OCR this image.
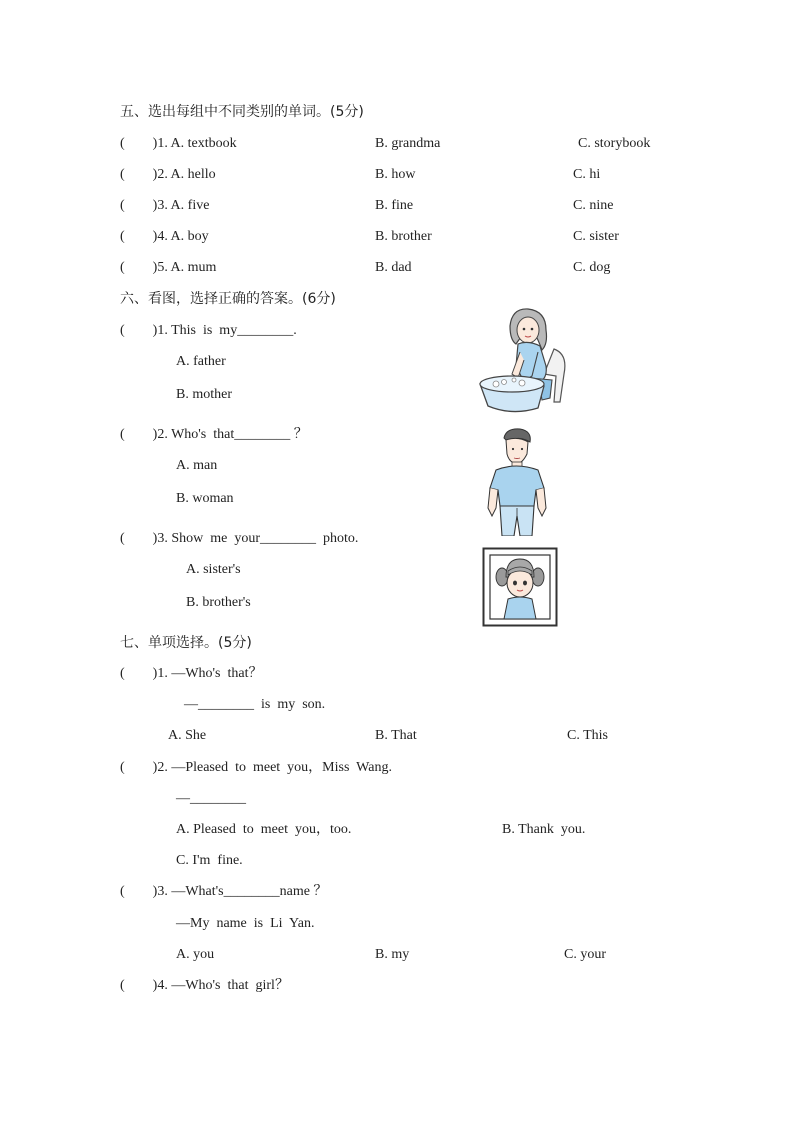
五、选出每组中不同类别的单词。(5分)
(        )1. A. textbook	B. grandma	C. storybook
(        )2. A. hello	B. how	C. hi
(        )3. A. five	B. fine	C. nine
(        )4. A. boy	B. brother	C. sister
(        )5. A. mum	B. dad	C. dog
六、看图，选择正确的答案。(6分)
(        )1. This  is  my________.
A. father
B. mother
(        )2. Who's  that________ ？
A. man
B. woman
(        )3. Show  me  your________  photo.
A. sister's
B. brother's
七、单项选择。(5分)
(        )1. —Who's  that？
—________  is  my  son.
A. She	B. That	C. This
(        )2. —Pleased  to  meet  you，Miss  Wang.
—________
A. Pleased  to  meet  you，too.	B. Thank  you.
C. I'm  fine.
(        )3. —What's________name ？
—My  name  is  Li  Yan.
A. you	B. my	C. your
(        )4. —Who's  that  girl？
